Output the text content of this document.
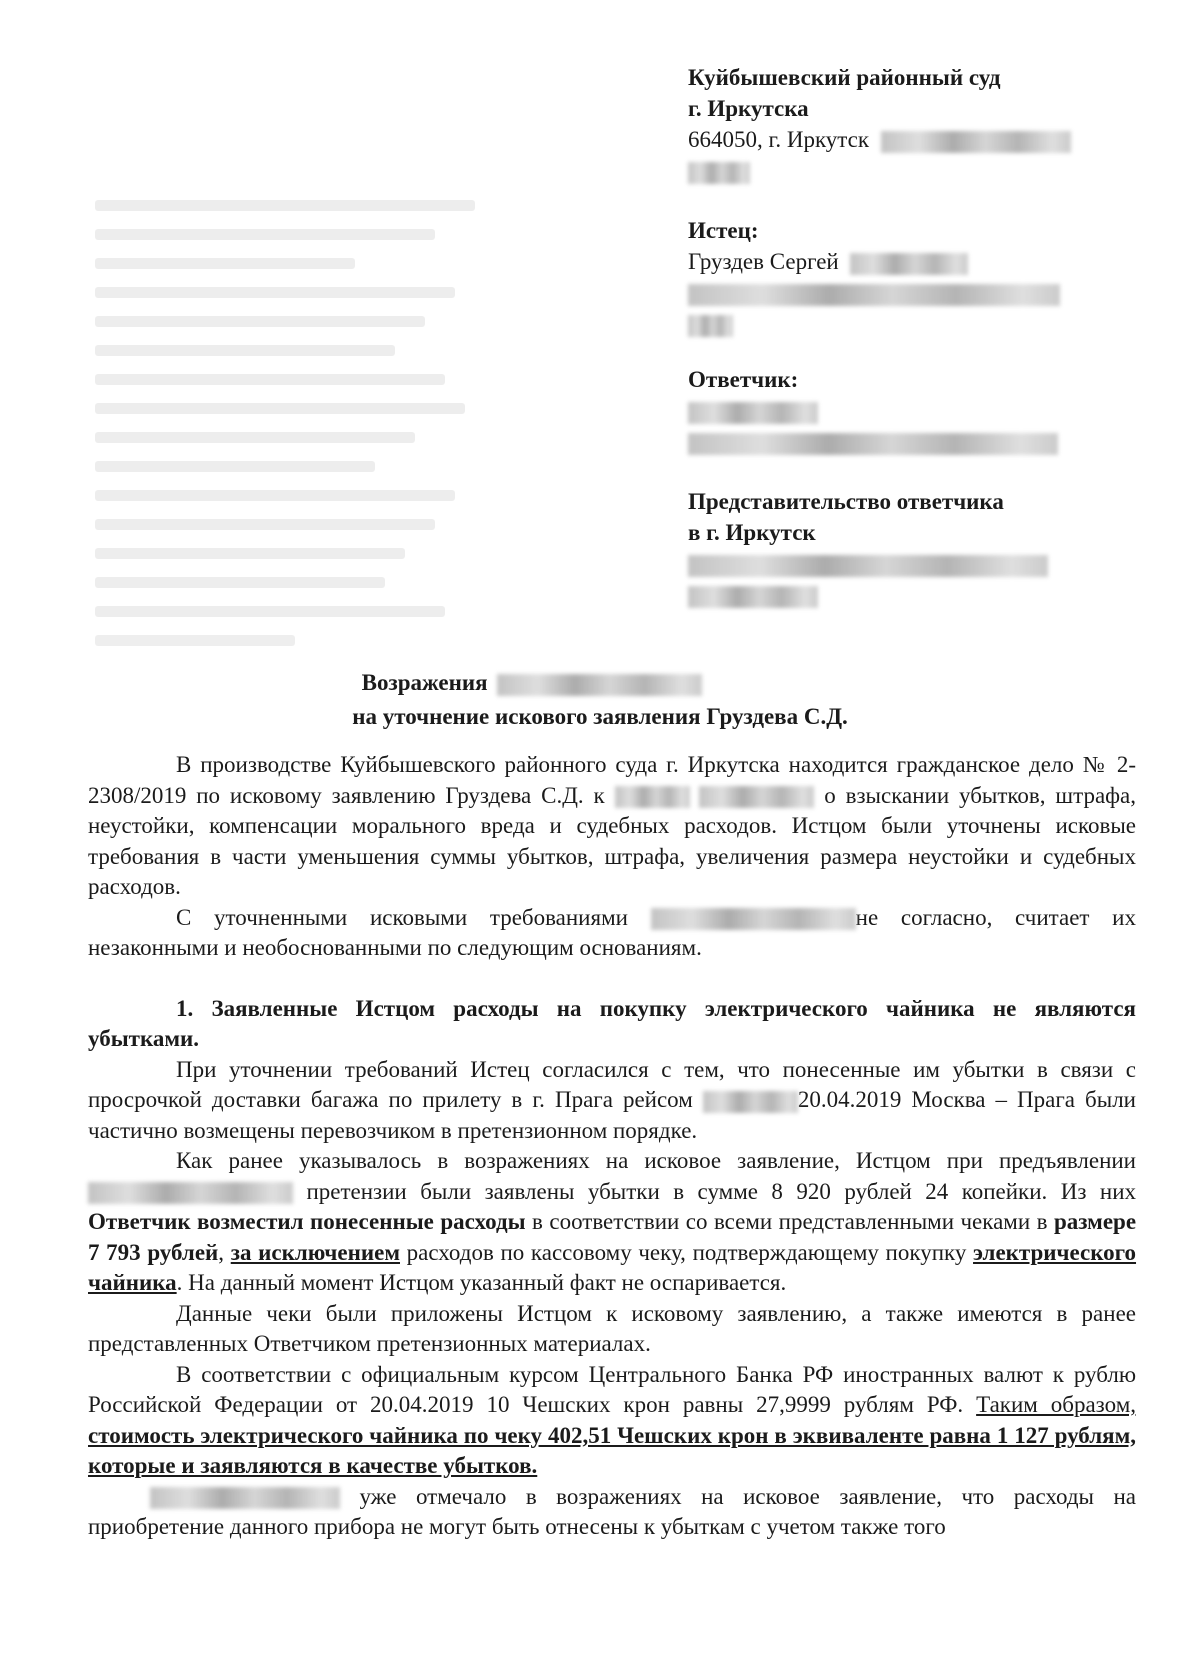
Куйбышевский районный суд
г. Иркутска
664050, г. Иркутск
Истец:
Груздев Сергей
Ответчик:
Представительство ответчика
в г. Иркутск
Возражения
на уточнение искового заявления Груздева С.Д.

В производстве Куйбышевского районного суда г. Иркутска находится гражданское дело № 2-2308/2019 по исковому заявлению Груздева С.Д. к	о взыскании убытков, штрафа, неустойки, компенсации морального вреда и судебных расходов. Истцом были уточнены исковые требования в части уменьшения суммы убытков, штрафа, увеличения размера неустойки и судебных расходов.

С уточненными исковыми требованиями	не согласно, считает их незаконными и необоснованными по следующим основаниям.

1. Заявленные Истцом расходы на покупку электрического чайника не являются убытками.

При уточнении требований Истец согласился с тем, что понесенные им убытки в связи с просрочкой доставки багажа по прилету в г. Прага рейсом	20.04.2019 Москва – Прага были частично возмещены перевозчиком в претензионном порядке.

Как ранее указывалось в возражениях на исковое заявление, Истцом при предъявлении  претензии были заявлены убытки в сумме 8 920 рублей 24 копейки. Из них Ответчик возместил понесенные расходы в соответствии со всеми представленными чеками в размере 7 793 рублей, за исключением расходов по кассовому чеку, подтверждающему покупку электрического чайника. На данный момент Истцом указанный факт не оспаривается.

Данные чеки были приложены Истцом к исковому заявлению, а также имеются в ранее представленных Ответчиком претензионных материалах.

В соответствии с официальным курсом Центрального Банка РФ иностранных валют к рублю Российской Федерации от 20.04.2019 10 Чешских крон равны 27,9999 рублям РФ. Таким образом, стоимость электрического чайника по чеку 402,51 Чешских крон в эквиваленте равна 1 127 рублям, которые и заявляются в качестве убытков.

уже отмечало в возражениях на исковое заявление, что расходы на приобретение данного прибора не могут быть отнесены к убыткам с учетом также того
